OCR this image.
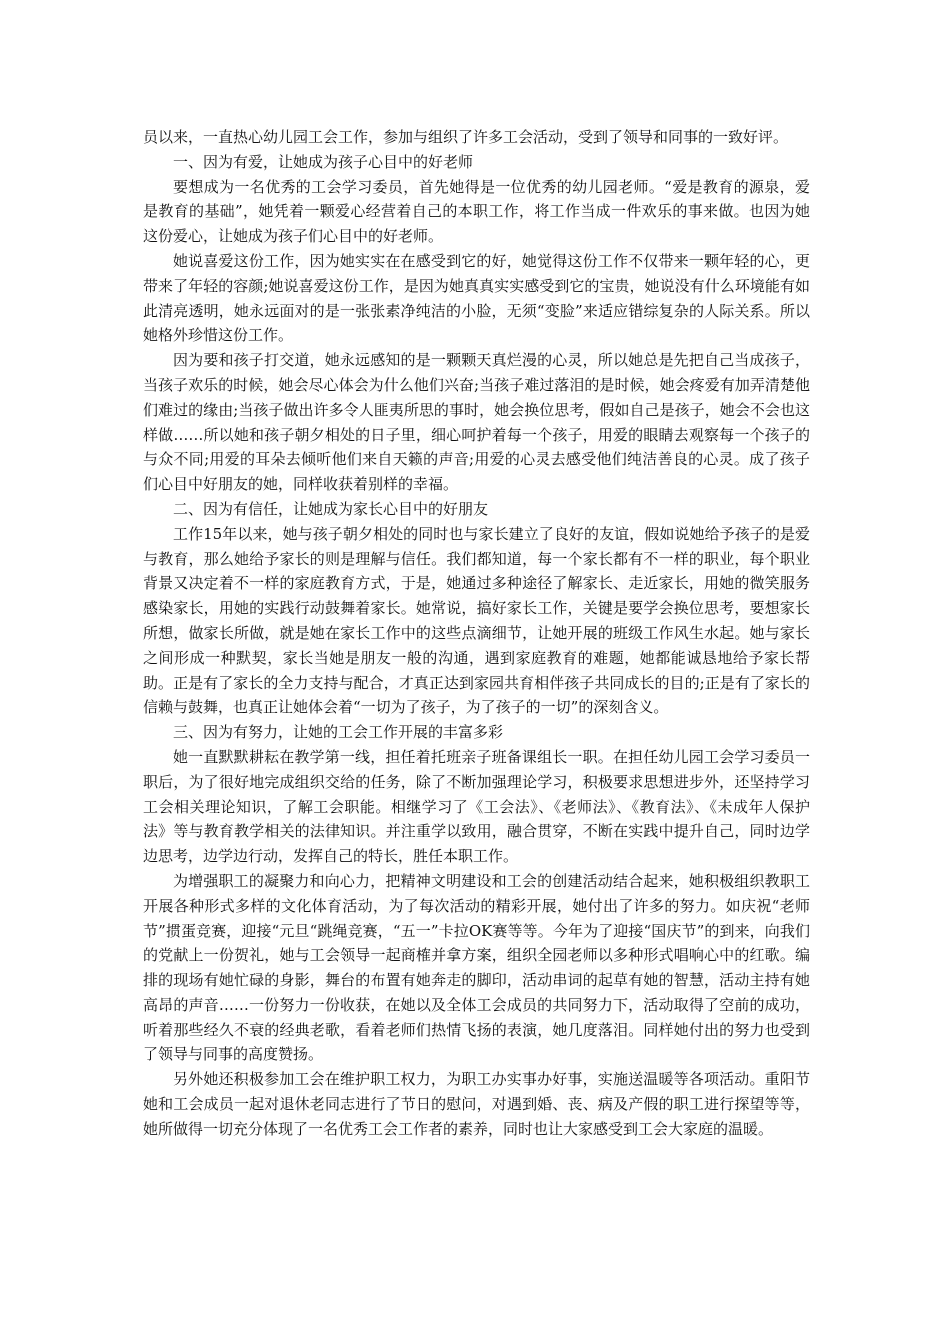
员以来，一直热心幼儿园工会工作，参加与组织了许多工会活动，受到了领导和同事的一致好评。

一、因为有爱，让她成为孩子心目中的好老师

要想成为一名优秀的工会学习委员，首先她得是一位优秀的幼儿园老师。“爱是教育的源泉，爱是教育的基础”，她凭着一颗爱心经营着自己的本职工作，将工作当成一件欢乐的事来做。也因为她这份爱心，让她成为孩子们心目中的好老师。

她说喜爱这份工作，因为她实实在在感受到它的好，她觉得这份工作不仅带来一颗年轻的心，更带来了年轻的容颜;她说喜爱这份工作，是因为她真真实实感受到它的宝贵，她说没有什么环境能有如此清亮透明，她永远面对的是一张张素净纯洁的小脸，无须“变脸”来适应错综复杂的人际关系。所以她格外珍惜这份工作。

因为要和孩子打交道，她永远感知的是一颗颗天真烂漫的心灵，所以她总是先把自己当成孩子，当孩子欢乐的时候，她会尽心体会为什么他们兴奋;当孩子难过落泪的是时候，她会疼爱有加弄清楚他们难过的缘由;当孩子做出许多令人匪夷所思的事时，她会换位思考，假如自己是孩子，她会不会也这样做……所以她和孩子朝夕相处的日子里，细心呵护着每一个孩子，用爱的眼睛去观察每一个孩子的与众不同;用爱的耳朵去倾听他们来自天籁的声音;用爱的心灵去感受他们纯洁善良的心灵。成了孩子们心目中好朋友的她，同样收获着别样的幸福。

二、因为有信任，让她成为家长心目中的好朋友

工作15年以来，她与孩子朝夕相处的同时也与家长建立了良好的友谊，假如说她给予孩子的是爱与教育，那么她给予家长的则是理解与信任。我们都知道，每一个家长都有不一样的职业，每个职业背景又决定着不一样的家庭教育方式，于是，她通过多种途径了解家长、走近家长，用她的微笑服务感染家长，用她的实践行动鼓舞着家长。她常说，搞好家长工作，关键是要学会换位思考，要想家长所想，做家长所做，就是她在家长工作中的这些点滴细节，让她开展的班级工作风生水起。她与家长之间形成一种默契，家长当她是朋友一般的沟通，遇到家庭教育的难题，她都能诚恳地给予家长帮助。正是有了家长的全力支持与配合，才真正达到家园共育相伴孩子共同成长的目的;正是有了家长的信赖与鼓舞，也真正让她体会着“一切为了孩子，为了孩子的一切”的深刻含义。

三、因为有努力，让她的工会工作开展的丰富多彩

她一直默默耕耘在教学第一线，担任着托班亲子班备课组长一职。在担任幼儿园工会学习委员一职后，为了很好地完成组织交给的任务，除了不断加强理论学习，积极要求思想进步外，还坚持学习工会相关理论知识，了解工会职能。相继学习了《工会法》、《老师法》、《教育法》、《未成年人保护法》等与教育教学相关的法律知识。并注重学以致用，融合贯穿，不断在实践中提升自己，同时边学边思考，边学边行动，发挥自己的特长，胜任本职工作。

为增强职工的凝聚力和向心力，把精神文明建设和工会的创建活动结合起来，她积极组织教职工开展各种形式多样的文化体育活动，为了每次活动的精彩开展，她付出了许多的努力。如庆祝“老师节”掼蛋竞赛，迎接“元旦“跳绳竞赛，“五一”卡拉OK赛等等。今年为了迎接“国庆节”的到来，向我们的党献上一份贺礼，她与工会领导一起商榷并拿方案，组织全园老师以多种形式唱响心中的红歌。编排的现场有她忙碌的身影，舞台的布置有她奔走的脚印，活动串词的起草有她的智慧，活动主持有她高昂的声音……一份努力一份收获，在她以及全体工会成员的共同努力下，活动取得了空前的成功，听着那些经久不衰的经典老歌，看着老师们热情飞扬的表演，她几度落泪。同样她付出的努力也受到了领导与同事的高度赞扬。

另外她还积极参加工会在维护职工权力，为职工办实事办好事，实施送温暖等各项活动。重阳节她和工会成员一起对退休老同志进行了节日的慰问，对遇到婚、丧、病及产假的职工进行探望等等，她所做得一切充分体现了一名优秀工会工作者的素养，同时也让大家感受到工会大家庭的温暖。
